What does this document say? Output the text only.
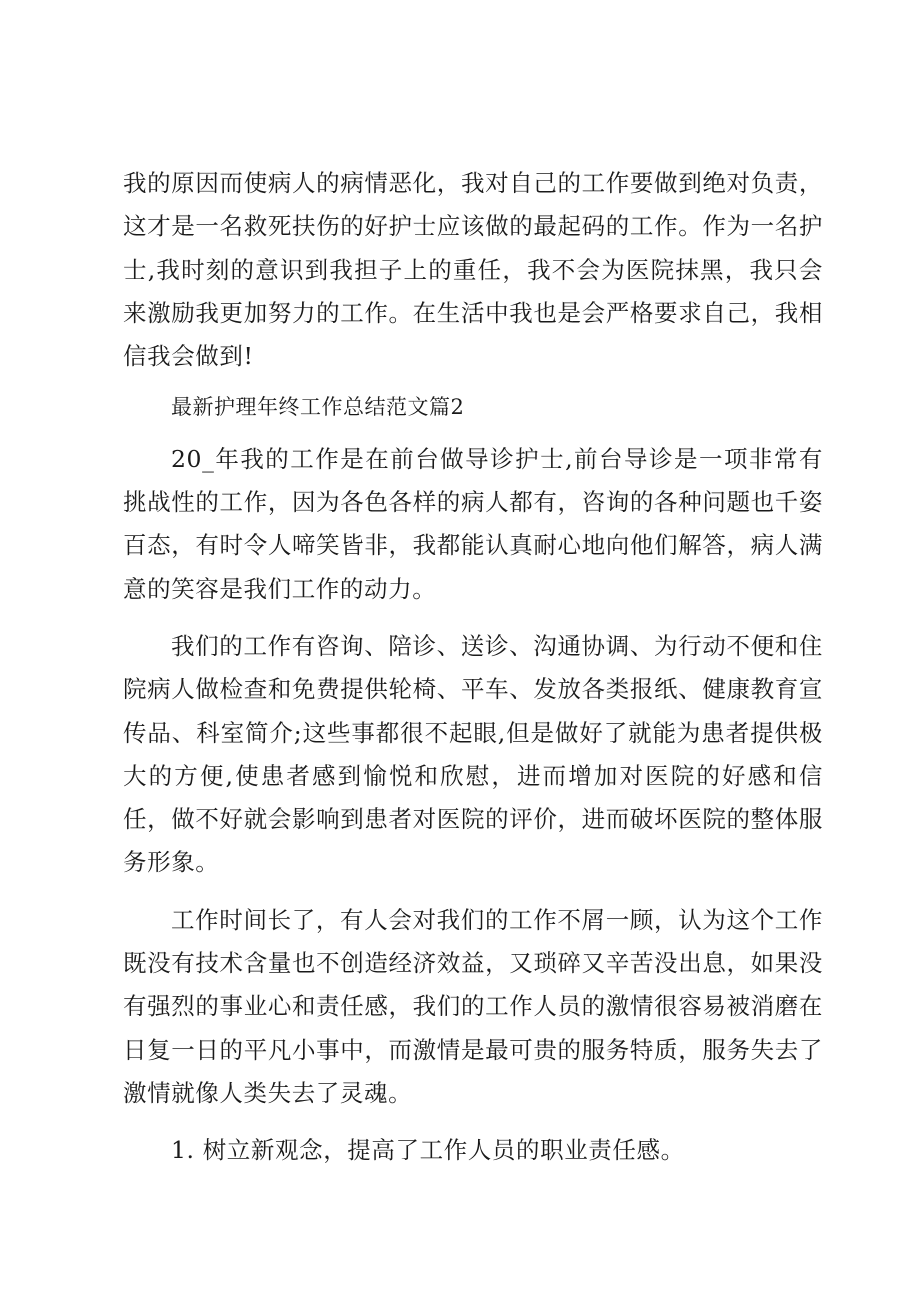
我的原因而使病人的病情恶化，我对自己的工作要做到绝对负责，这才是一名救死扶伤的好护士应该做的最起码的工作。作为一名护士,我时刻的意识到我担子上的重任，我不会为医院抹黑，我只会来激励我更加努力的工作。在生活中我也是会严格要求自己，我相信我会做到!

最新护理年终工作总结范文篇2

20_年我的工作是在前台做导诊护士,前台导诊是一项非常有挑战性的工作，因为各色各样的病人都有，咨询的各种问题也千姿百态，有时令人啼笑皆非，我都能认真耐心地向他们解答，病人满意的笑容是我们工作的动力。

我们的工作有咨询、陪诊、送诊、沟通协调、为行动不便和住院病人做检查和免费提供轮椅、平车、发放各类报纸、健康教育宣传品、科室简介;这些事都很不起眼,但是做好了就能为患者提供极大的方便,使患者感到愉悦和欣慰，进而增加对医院的好感和信任，做不好就会影响到患者对医院的评价，进而破坏医院的整体服务形象。

工作时间长了，有人会对我们的工作不屑一顾，认为这个工作既没有技术含量也不创造经济效益，又琐碎又辛苦没出息，如果没有强烈的事业心和责任感，我们的工作人员的激情很容易被消磨在日复一日的平凡小事中，而激情是最可贵的服务特质，服务失去了激情就像人类失去了灵魂。

1. 树立新观念，提高了工作人员的职业责任感。
